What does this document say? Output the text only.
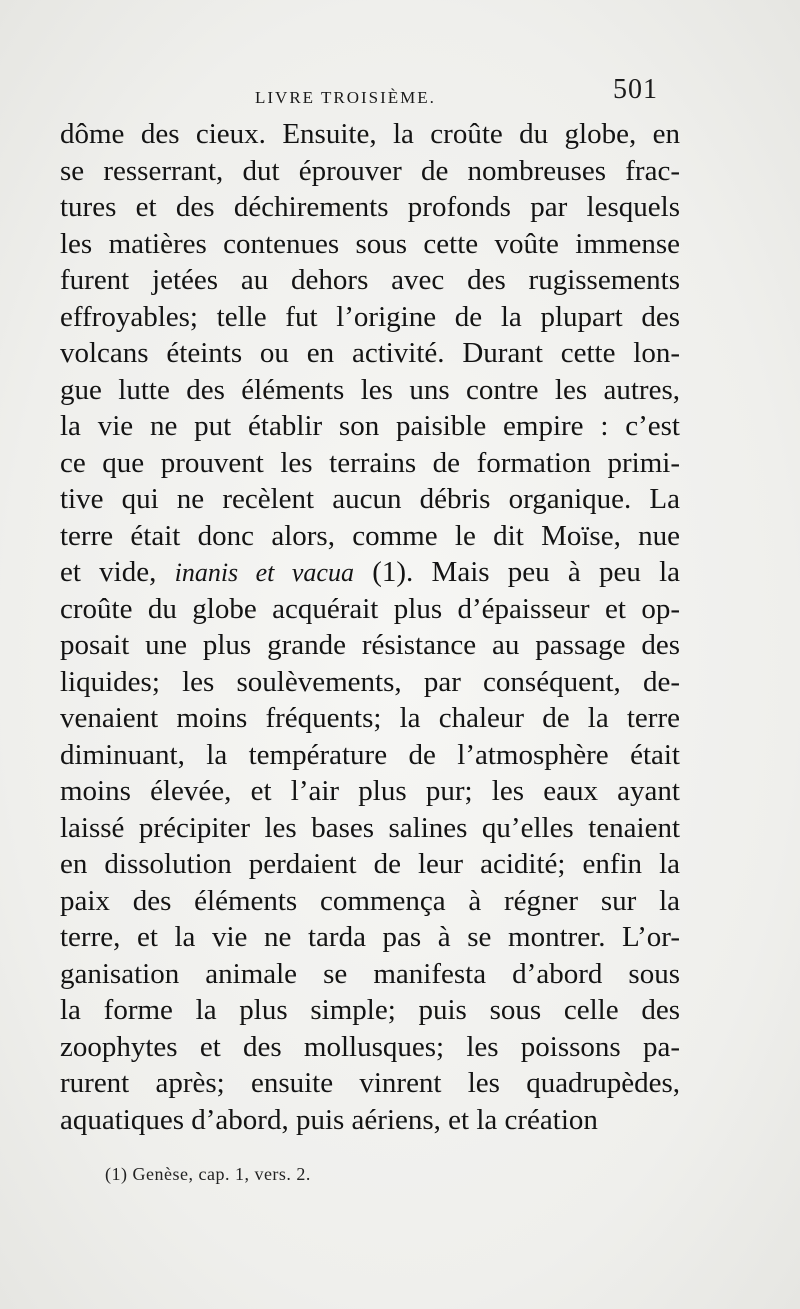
LIVRE TROISIÈME.	501
dôme des cieux. Ensuite, la croûte du globe, en
se resserrant, dut éprouver de nombreuses frac-
tures et des déchirements profonds par lesquels
les matières contenues sous cette voûte immense
furent jetées au dehors avec des rugissements
effroyables; telle fut l’origine de la plupart des
volcans éteints ou en activité. Durant cette lon-
gue lutte des éléments les uns contre les autres,
la vie ne put établir son paisible empire : c’est
ce que prouvent les terrains de formation primi-
tive qui ne recèlent aucun débris organique. La
terre était donc alors, comme le dit Moïse, nue
et vide, inanis et vacua (1). Mais peu à peu la
croûte du globe acquérait plus d’épaisseur et op-
posait une plus grande résistance au passage des
liquides; les soulèvements, par conséquent, de-
venaient moins fréquents; la chaleur de la terre
diminuant, la température de l’atmosphère était
moins élevée, et l’air plus pur; les eaux ayant
laissé précipiter les bases salines qu’elles tenaient
en dissolution perdaient de leur acidité; enfin la
paix des éléments commença à régner sur la
terre, et la vie ne tarda pas à se montrer. L’or-
ganisation animale se manifesta d’abord sous
la forme la plus simple; puis sous celle des
zoophytes et des mollusques; les poissons pa-
rurent après; ensuite vinrent les quadrupèdes,
aquatiques d’abord, puis aériens, et la création
(1) Genèse, cap. 1, vers. 2.
